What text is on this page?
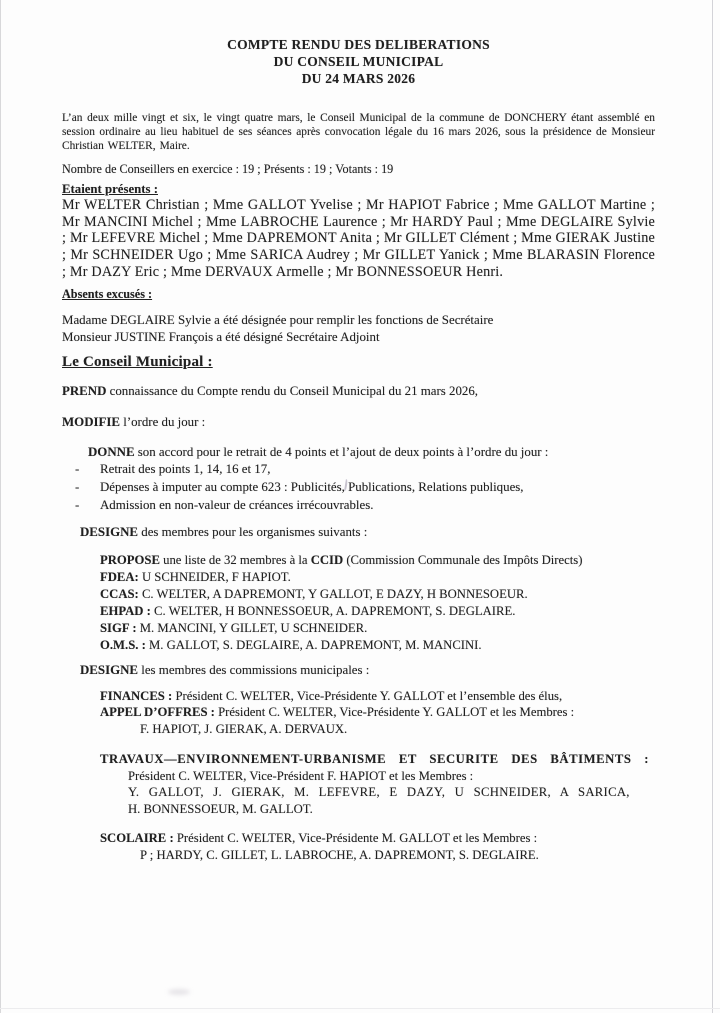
COMPTE RENDU DES DELIBERATIONS
DU CONSEIL MUNICIPAL
DU 24 MARS 2026

L’an deux mille vingt et six, le vingt quatre mars, le Conseil Municipal de la commune de DONCHERY étant assemblé en session ordinaire au lieu habituel de ses séances après convocation légale du 16 mars 2026, sous la présidence de Monsieur Christian WELTER, Maire.

Nombre de Conseillers en exercice : 19 ; Présents : 19 ; Votants : 19

Etaient présents :

Mr WELTER Christian ; Mme GALLOT Yvelise ; Mr HAPIOT Fabrice ; Mme GALLOT Martine ; Mr MANCINI Michel ; Mme LABROCHE Laurence ; Mr HARDY Paul ; Mme DEGLAIRE Sylvie ; Mr LEFEVRE Michel ; Mme DAPREMONT Anita ; Mr GILLET Clément ; Mme GIERAK Justine ; Mr SCHNEIDER Ugo ; Mme SARICA Audrey ; Mr GILLET Yanick ; Mme BLARASIN Florence ; Mr DAZY Eric ; Mme DERVAUX Armelle ; Mr BONNESSOEUR Henri.

Absents excusés :

Madame DEGLAIRE Sylvie a été désignée pour remplir les fonctions de Secrétaire
Monsieur JUSTINE François a été désigné Secrétaire Adjoint

Le Conseil Municipal :

PREND connaissance du Compte rendu du Conseil Municipal du 21 mars 2026,

MODIFIE l’ordre du jour :

DONNE son accord pour le retrait de 4 points et l’ajout de deux points à l’ordre du jour :

-	Retrait des points 1, 14, 16 et 17,
-	Dépenses à imputer au compte 623 : Publicités, Publications, Relations publiques,
-	Admission en non-valeur de créances irrécouvrables.

DESIGNE des membres pour les organismes suivants :

PROPOSE une liste de 32 membres à la CCID (Commission Communale des Impôts Directs)

FDEA: U SCHNEIDER, F HAPIOT.

CCAS: C. WELTER, A DAPREMONT, Y GALLOT, E DAZY, H BONNESOEUR.

EHPAD : C. WELTER, H BONNESSOEUR, A. DAPREMONT, S. DEGLAIRE.

SIGF : M. MANCINI, Y GILLET, U SCHNEIDER.

O.M.S. : M. GALLOT, S. DEGLAIRE, A. DAPREMONT, M. MANCINI.

DESIGNE les membres des commissions municipales :

FINANCES : Président C. WELTER, Vice-Présidente Y. GALLOT et l’ensemble des élus,

APPEL D’OFFRES : Président C. WELTER, Vice-Présidente Y. GALLOT et les Membres :

F. HAPIOT, J. GIERAK, A. DERVAUX.

TRAVAUX—ENVIRONNEMENT-URBANISME ET SECURITE DES BÂTIMENTS :

Président C. WELTER, Vice-Président F. HAPIOT et les Membres :

Y. GALLOT, J. GIERAK, M. LEFEVRE, E DAZY, U SCHNEIDER, A SARICA,

H. BONNESSOEUR, M. GALLOT.

SCOLAIRE : Président C. WELTER, Vice-Présidente M. GALLOT et les Membres :

P ; HARDY, C. GILLET, L. LABROCHE, A. DAPREMONT, S. DEGLAIRE.
